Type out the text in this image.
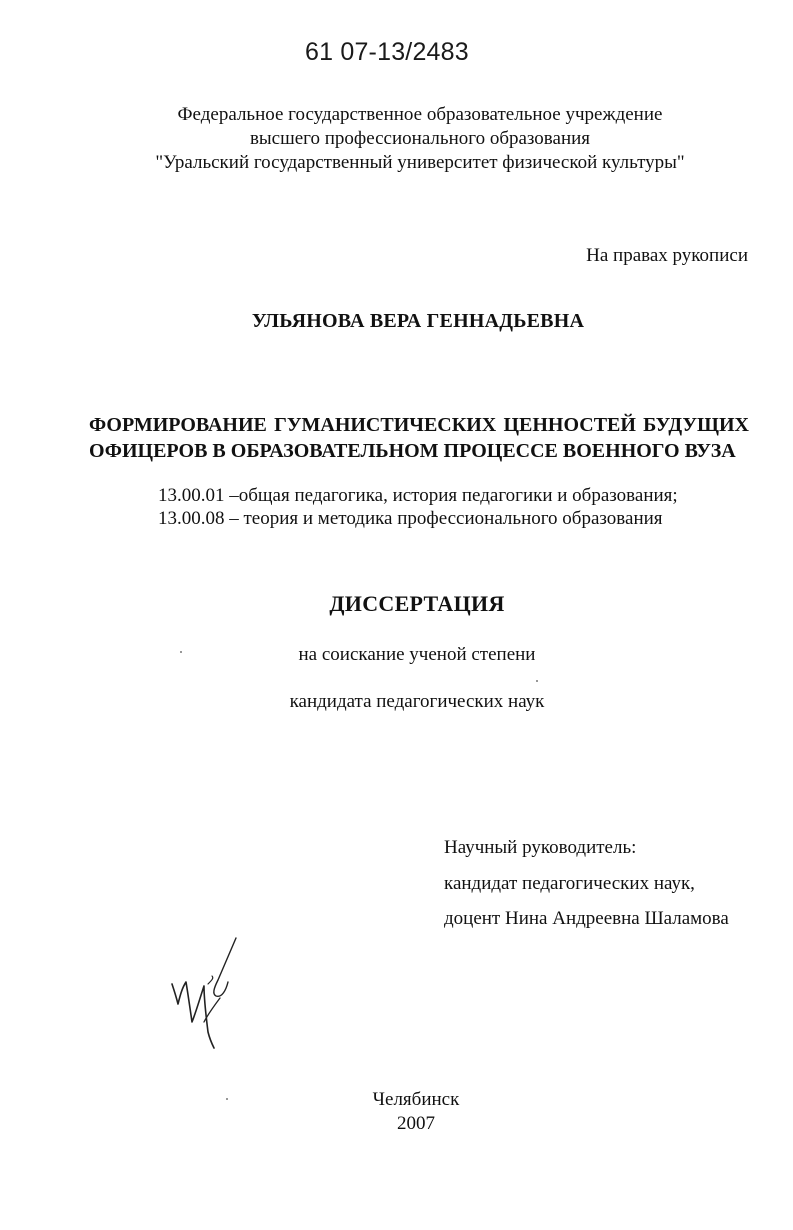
61 07-13/2483
Федеральное государственное образовательное учреждение
высшего профессионального образования
"Уральский государственный университет физической культуры"
На правах рукописи
УЛЬЯНОВА ВЕРА ГЕННАДЬЕВНА
ФОРМИРОВАНИЕ ГУМАНИСТИЧЕСКИХ ЦЕННОСТЕЙ БУДУЩИХ
ОФИЦЕРОВ В ОБРАЗОВАТЕЛЬНОМ ПРОЦЕССЕ ВОЕННОГО ВУЗА
13.00.01 –общая педагогика, история педагогики и образования;
13.00.08 – теория и методика профессионального образования
ДИССЕРТАЦИЯ
на соискание ученой степени
кандидата педагогических наук
Научный руководитель:
кандидат педагогических наук,
доцент Нина Андреевна Шаламова
Челябинск
2007
